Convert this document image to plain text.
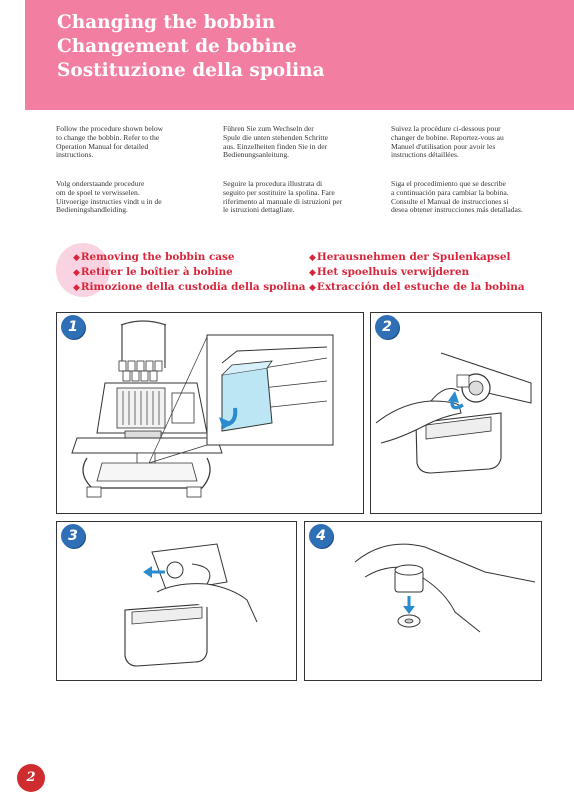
Changing the bobbin
Changement de bobine
Sostituzione della spolina
Follow the procedure shown below
to change the bobbin. Refer to the
Operation Manual for detailed
instructions.
Führen Sie zum Wechseln der
Spule die unten stehenden Schritte
aus. Einzelheiten finden Sie in der
Bedienungsanleitung.
Suivez la procédure ci-dessous pour
changer de bobine. Reportez-vous au
Manuel d'utilisation pour avoir les
instructions détaillées.
Volg onderstaande procedure
om de spoel te verwisselen.
Uitvoerige instructies vindt u in de
Bedieningshandleiding.
Seguire la procedura illustrata di
seguito per sostituire la spolina. Fare
riferimento al manuale di istruzioni per
le istruzioni dettagliate.
Siga el procedimiento que se describe
a continuación para cambiar la bobina.
Consulte el Manual de instrucciones si
desea obtener instrucciones más detalladas.
◆Removing the bobbin case
◆Retirer le boîtier à bobine
◆Rimozione della custodia della spolina
◆Herausnehmen der Spulenkapsel
◆Het spoelhuis verwijderen
◆Extracción del estuche de la bobina
1	2
3	4
2
